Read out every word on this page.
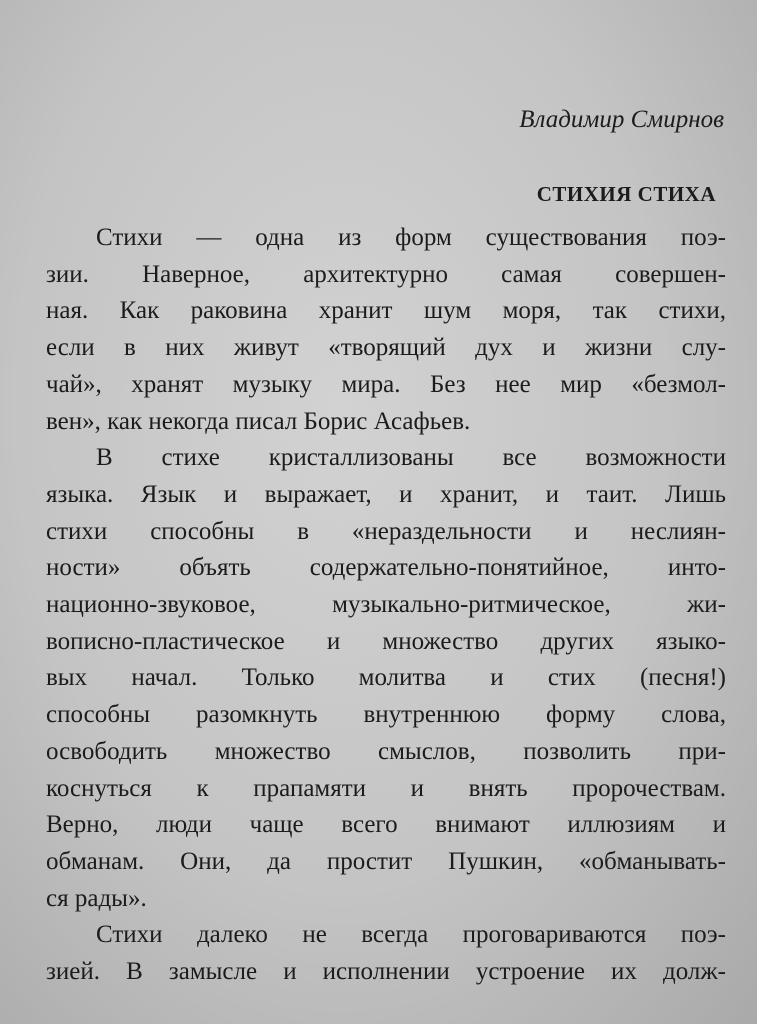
Владимир Смирнов

СТИХИЯ СТИХА
Стихи — одна из форм существования поэ-
зии. Наверное, архитектурно самая совершен-
ная. Как раковина хранит шум моря, так стихи,
если в них живут «творящий дух и жизни слу-
чай», хранят музыку мира. Без нее мир «безмол-
вен», как некогда писал Борис Асафьев.
В стихе кристаллизованы все возможности
языка. Язык и выражает, и хранит, и таит. Лишь
стихи способны в «нераздельности и неслиян-
ности» объять содержательно-понятийное, инто-
национно-звуковое, музыкально-ритмическое, жи-
вописно-пластическое и множество других языко-
вых начал. Только молитва и стих (песня!)
способны разомкнуть внутреннюю форму слова,
освободить множество смыслов, позволить при-
коснуться к прапамяти и внять пророчествам.
Верно, люди чаще всего внимают иллюзиям и
обманам. Они, да простит Пушкин, «обманывать-
ся рады».
Стихи далеко не всегда проговариваются поэ-
зией. В замысле и исполнении устроение их долж-
